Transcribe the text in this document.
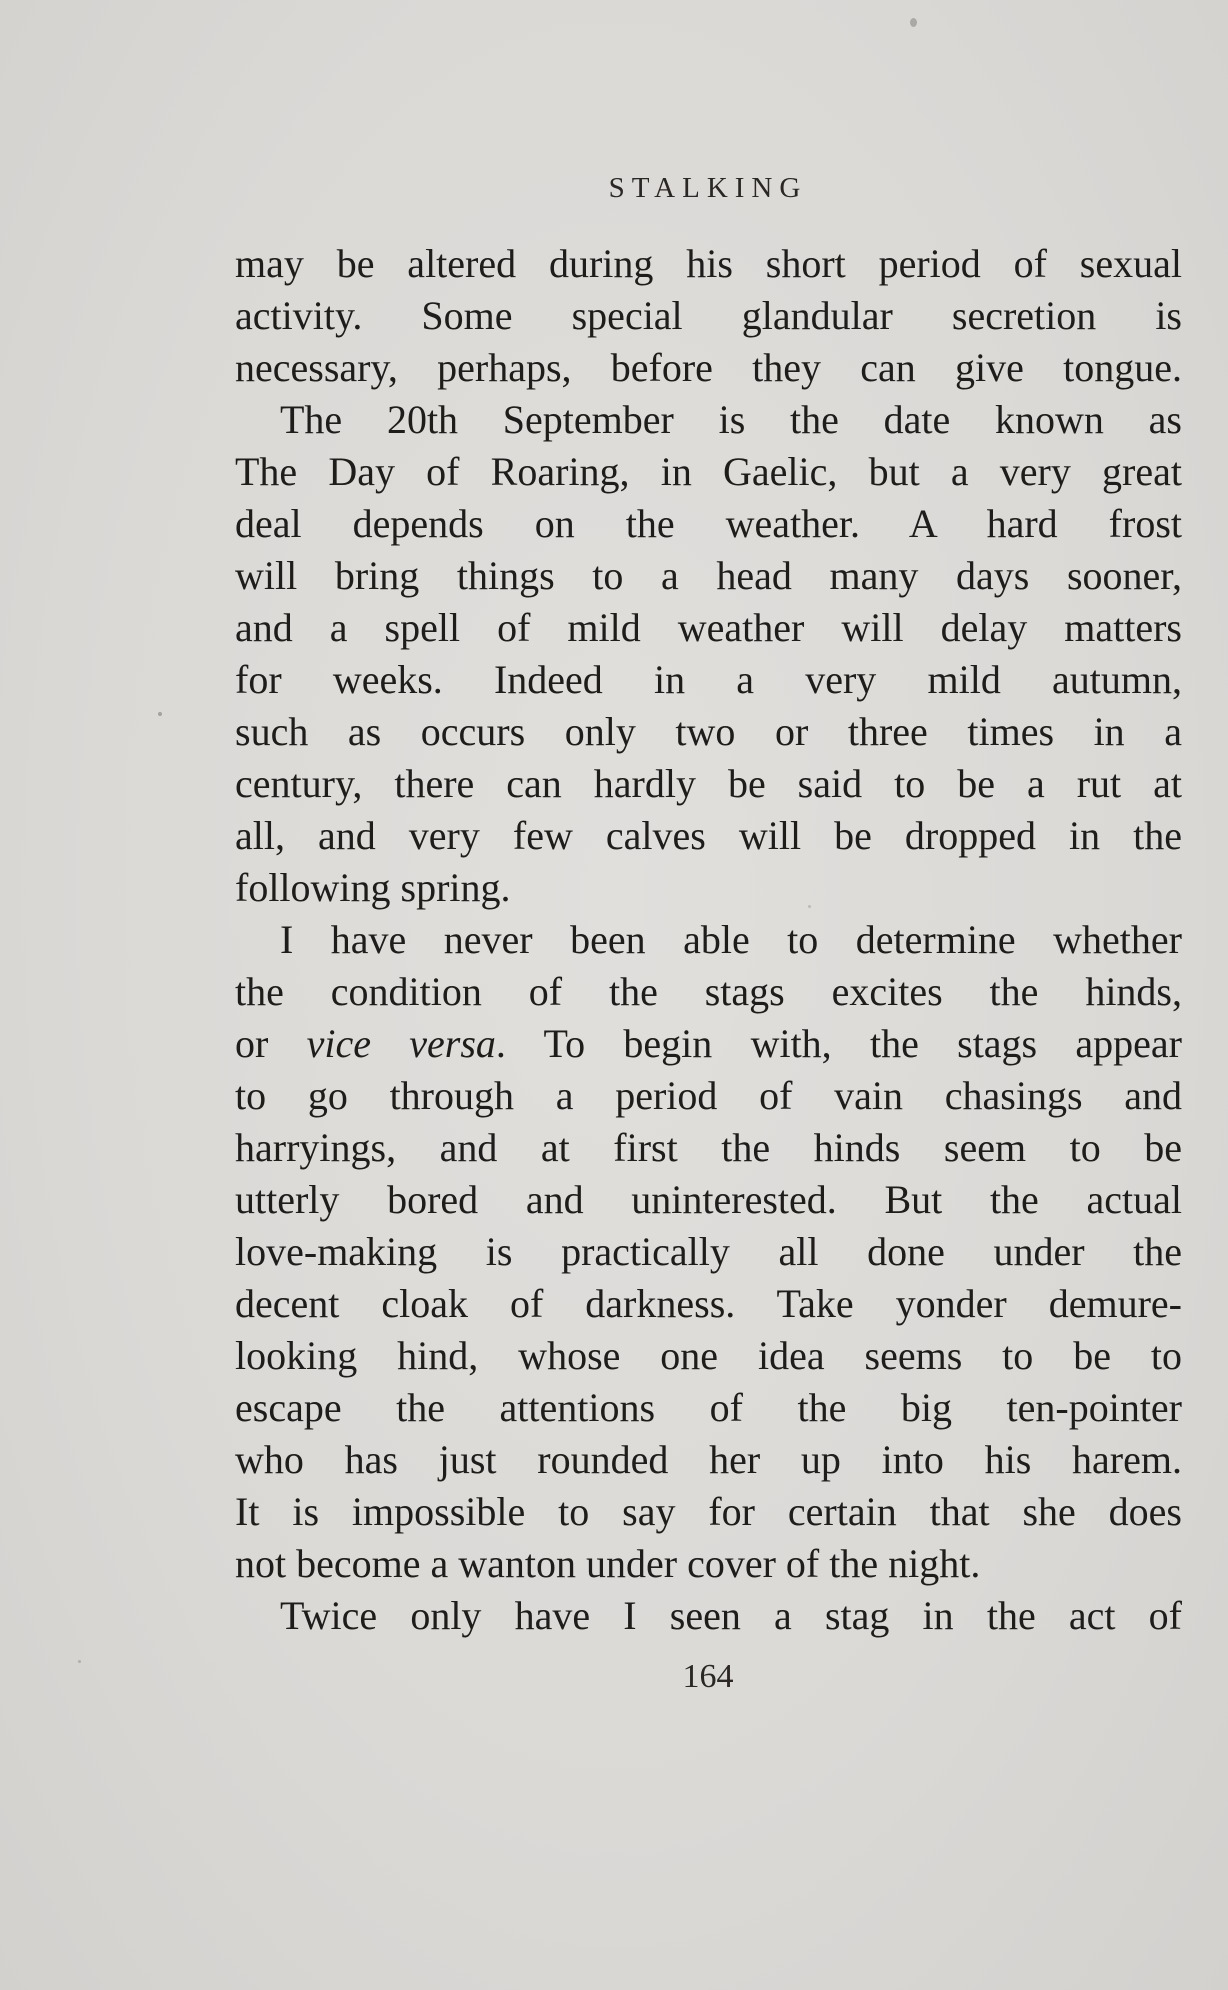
STALKING
may be altered during his short period of sexual
activity. Some special glandular secretion is
necessary, perhaps, before they can give tongue.
The 20th September is the date known as
The Day of Roaring, in Gaelic, but a very great
deal depends on the weather. A hard frost
will bring things to a head many days sooner,
and a spell of mild weather will delay matters
for weeks. Indeed in a very mild autumn,
such as occurs only two or three times in a
century, there can hardly be said to be a rut at
all, and very few calves will be dropped in the
following spring.
I have never been able to determine whether
the condition of the stags excites the hinds,
or vice versa. To begin with, the stags appear
to go through a period of vain chasings and
harryings, and at first the hinds seem to be
utterly bored and uninterested. But the actual
love-making is practically all done under the
decent cloak of darkness. Take yonder demure-
looking hind, whose one idea seems to be to
escape the attentions of the big ten-pointer
who has just rounded her up into his harem.
It is impossible to say for certain that she does
not become a wanton under cover of the night.
Twice only have I seen a stag in the act of
164
